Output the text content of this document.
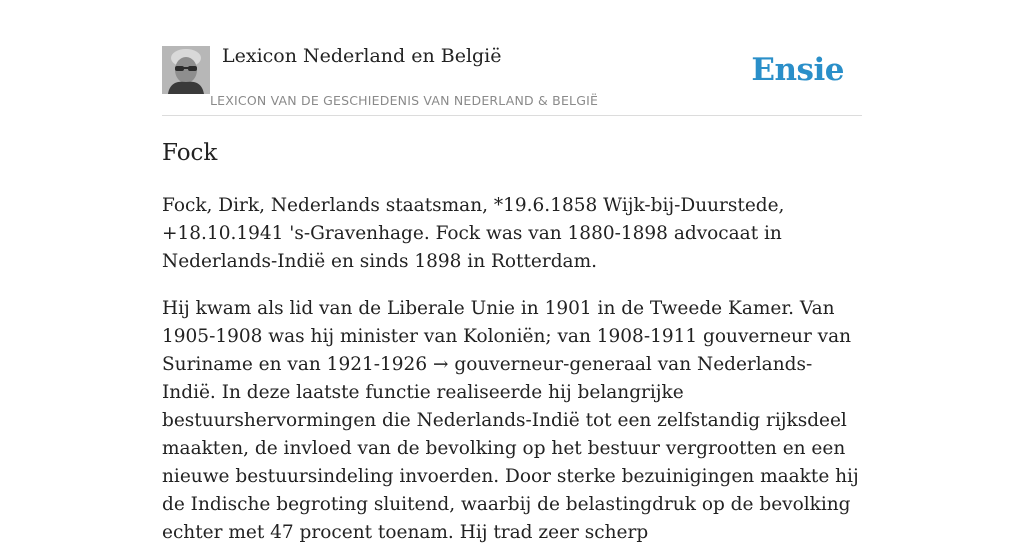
Lexicon Nederland en België
LEXICON VAN DE GESCHIEDENIS VAN NEDERLAND & BELGIË
Ensie
Fock

Fock, Dirk, Nederlands staatsman, *19.6.1858 Wijk-bij-Duurstede, +18.10.1941 's-Gravenhage. Fock was van 1880-1898 advocaat in Nederlands-Indië en sinds 1898 in Rotterdam.

Hij kwam als lid van de Liberale Unie in 1901 in de Tweede Kamer. Van 1905-1908 was hij minister van Koloniën; van 1908-1911 gouverneur van Suriname en van 1921-1926 → gouverneur-generaal van Nederlands-Indië. In deze laatste functie realiseerde hij belangrijke bestuurshervormingen die Nederlands-Indië tot een zelfstandig rijksdeel maakten, de invloed van de bevolking op het bestuur vergrootten en een nieuwe bestuursindeling invoerden. Door sterke bezuinigingen maakte hij de Indische begroting sluitend, waarbij de belastingdruk op de bevolking echter met 47 procent toenam. Hij trad zeer scherp
